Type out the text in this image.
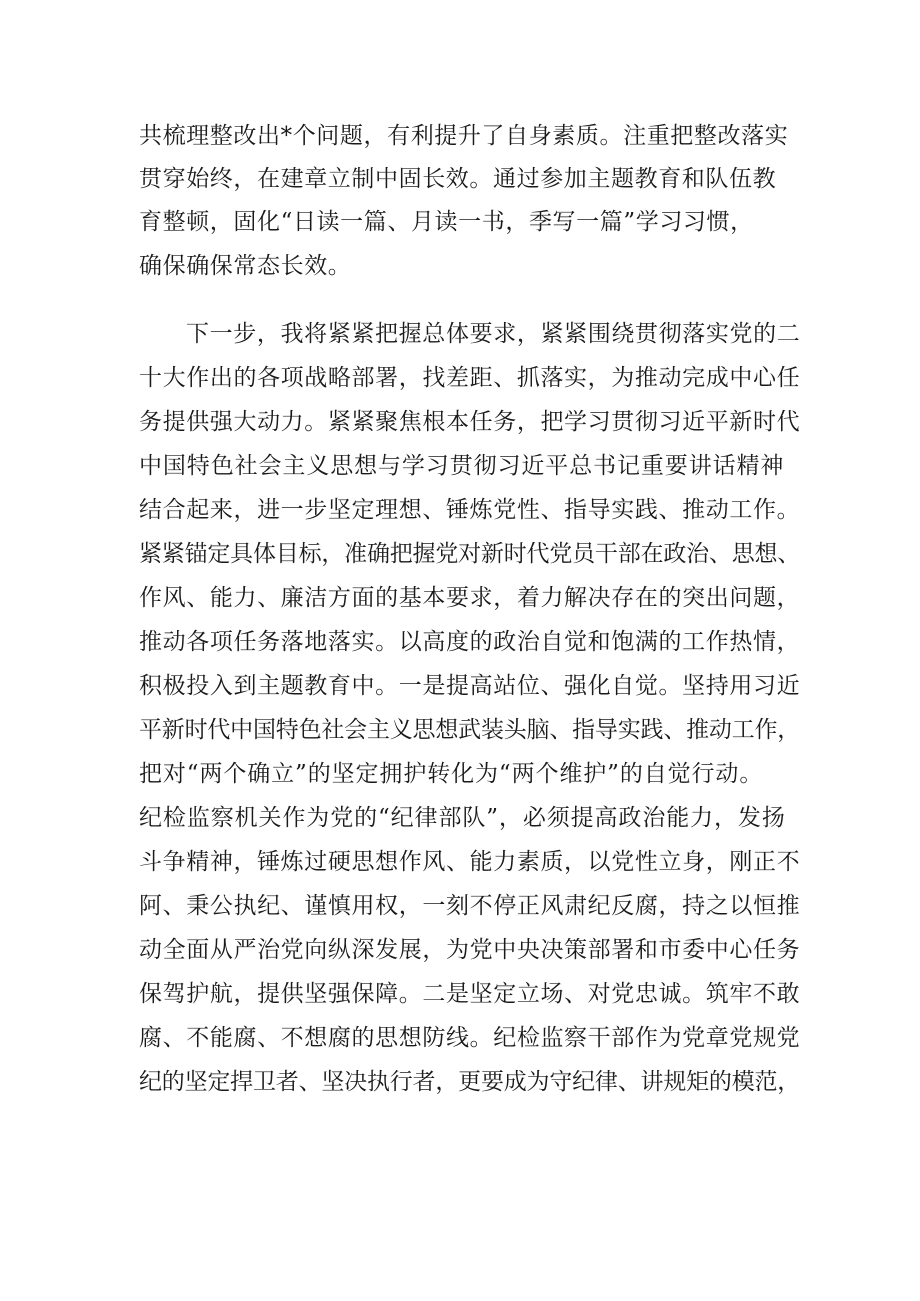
共梳理整改出*个问题，有利提升了自身素质。注重把整改落实
贯穿始终，在建章立制中固长效。通过参加主题教育和队伍教
育整顿，固化“日读一篇、月读一书，季写一篇”学习习惯，
确保确保常态长效。
下一步，我将紧紧把握总体要求，紧紧围绕贯彻落实党的二
十大作出的各项战略部署，找差距、抓落实，为推动完成中心任
务提供强大动力。紧紧聚焦根本任务，把学习贯彻习近平新时代
中国特色社会主义思想与学习贯彻习近平总书记重要讲话精神
结合起来，进一步坚定理想、锤炼党性、指导实践、推动工作。
紧紧锚定具体目标，准确把握党对新时代党员干部在政治、思想、
作风、能力、廉洁方面的基本要求，着力解决存在的突出问题，
推动各项任务落地落实。以高度的政治自觉和饱满的工作热情，
积极投入到主题教育中。一是提高站位、强化自觉。坚持用习近
平新时代中国特色社会主义思想武装头脑、指导实践、推动工作，
把对“两个确立”的坚定拥护转化为“两个维护”的自觉行动。
纪检监察机关作为党的“纪律部队”，必须提高政治能力，发扬
斗争精神，锤炼过硬思想作风、能力素质，以党性立身，刚正不
阿、秉公执纪、谨慎用权，一刻不停正风肃纪反腐，持之以恒推
动全面从严治党向纵深发展，为党中央决策部署和市委中心任务
保驾护航，提供坚强保障。二是坚定立场、对党忠诚。筑牢不敢
腐、不能腐、不想腐的思想防线。纪检监察干部作为党章党规党
纪的坚定捍卫者、坚决执行者，更要成为守纪律、讲规矩的模范，
